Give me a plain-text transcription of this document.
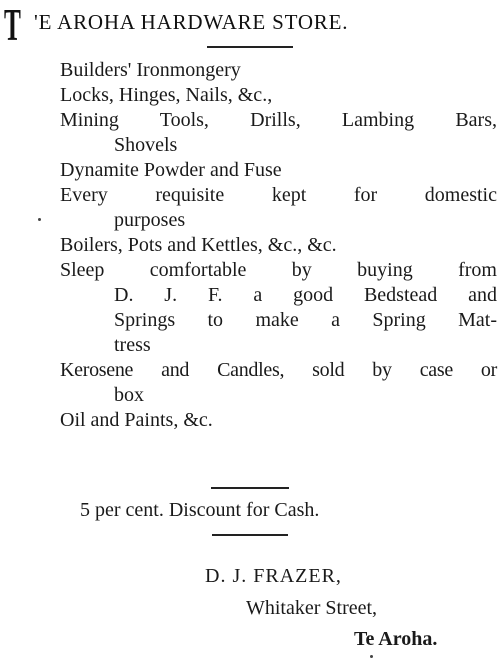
T 'E AROHA HARDWARE STORE.
Builders' Ironmongery
Locks, Hinges, Nails, &c.,
Mining Tools, Drills, Lambing Bars,
Shovels
Dynamite Powder and Fuse
Every requisite kept for domestic
purposes
Boilers, Pots and Kettles, &c., &c.
Sleep comfortable by buying from
D. J. F. a good Bedstead and
Springs to make a Spring Mat-
tress
Kerosene and Candles, sold by case or
box
Oil and Paints, &c.
5 per cent. Discount for Cash.
D. J. FRAZER,
Whitaker Street,
Te Aroha.
